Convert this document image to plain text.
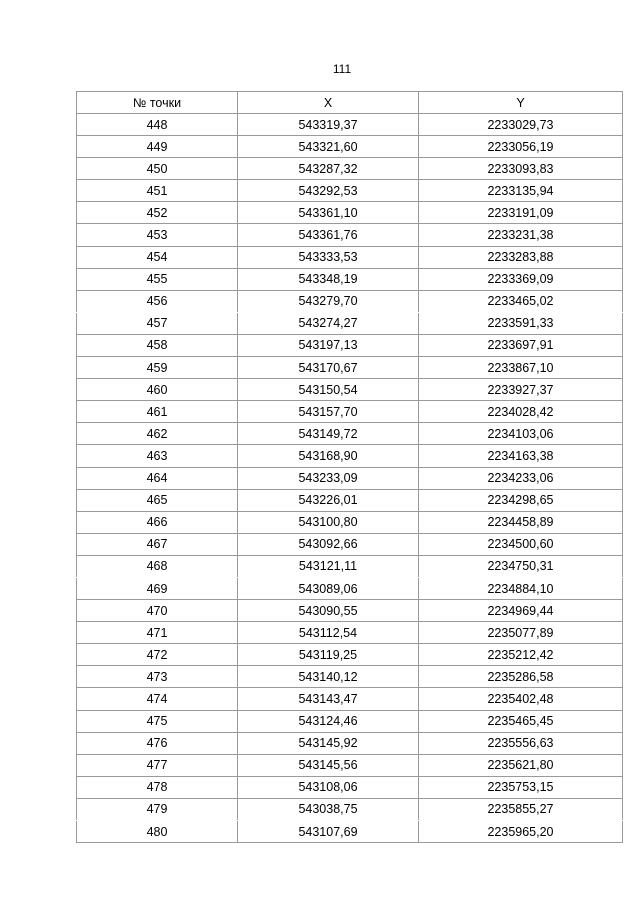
111
№ точки	X	Y
448	543319,37	2233029,73
449	543321,60	2233056,19
450	543287,32	2233093,83
451	543292,53	2233135,94
452	543361,10	2233191,09
453	543361,76	2233231,38
454	543333,53	2233283,88
455	543348,19	2233369,09
456	543279,70	2233465,02
457	543274,27	2233591,33
458	543197,13	2233697,91
459	543170,67	2233867,10
460	543150,54	2233927,37
461	543157,70	2234028,42
462	543149,72	2234103,06
463	543168,90	2234163,38
464	543233,09	2234233,06
465	543226,01	2234298,65
466	543100,80	2234458,89
467	543092,66	2234500,60
468	543121,11	2234750,31
469	543089,06	2234884,10
470	543090,55	2234969,44
471	543112,54	2235077,89
472	543119,25	2235212,42
473	543140,12	2235286,58
474	543143,47	2235402,48
475	543124,46	2235465,45
476	543145,92	2235556,63
477	543145,56	2235621,80
478	543108,06	2235753,15
479	543038,75	2235855,27
480	543107,69	2235965,20
